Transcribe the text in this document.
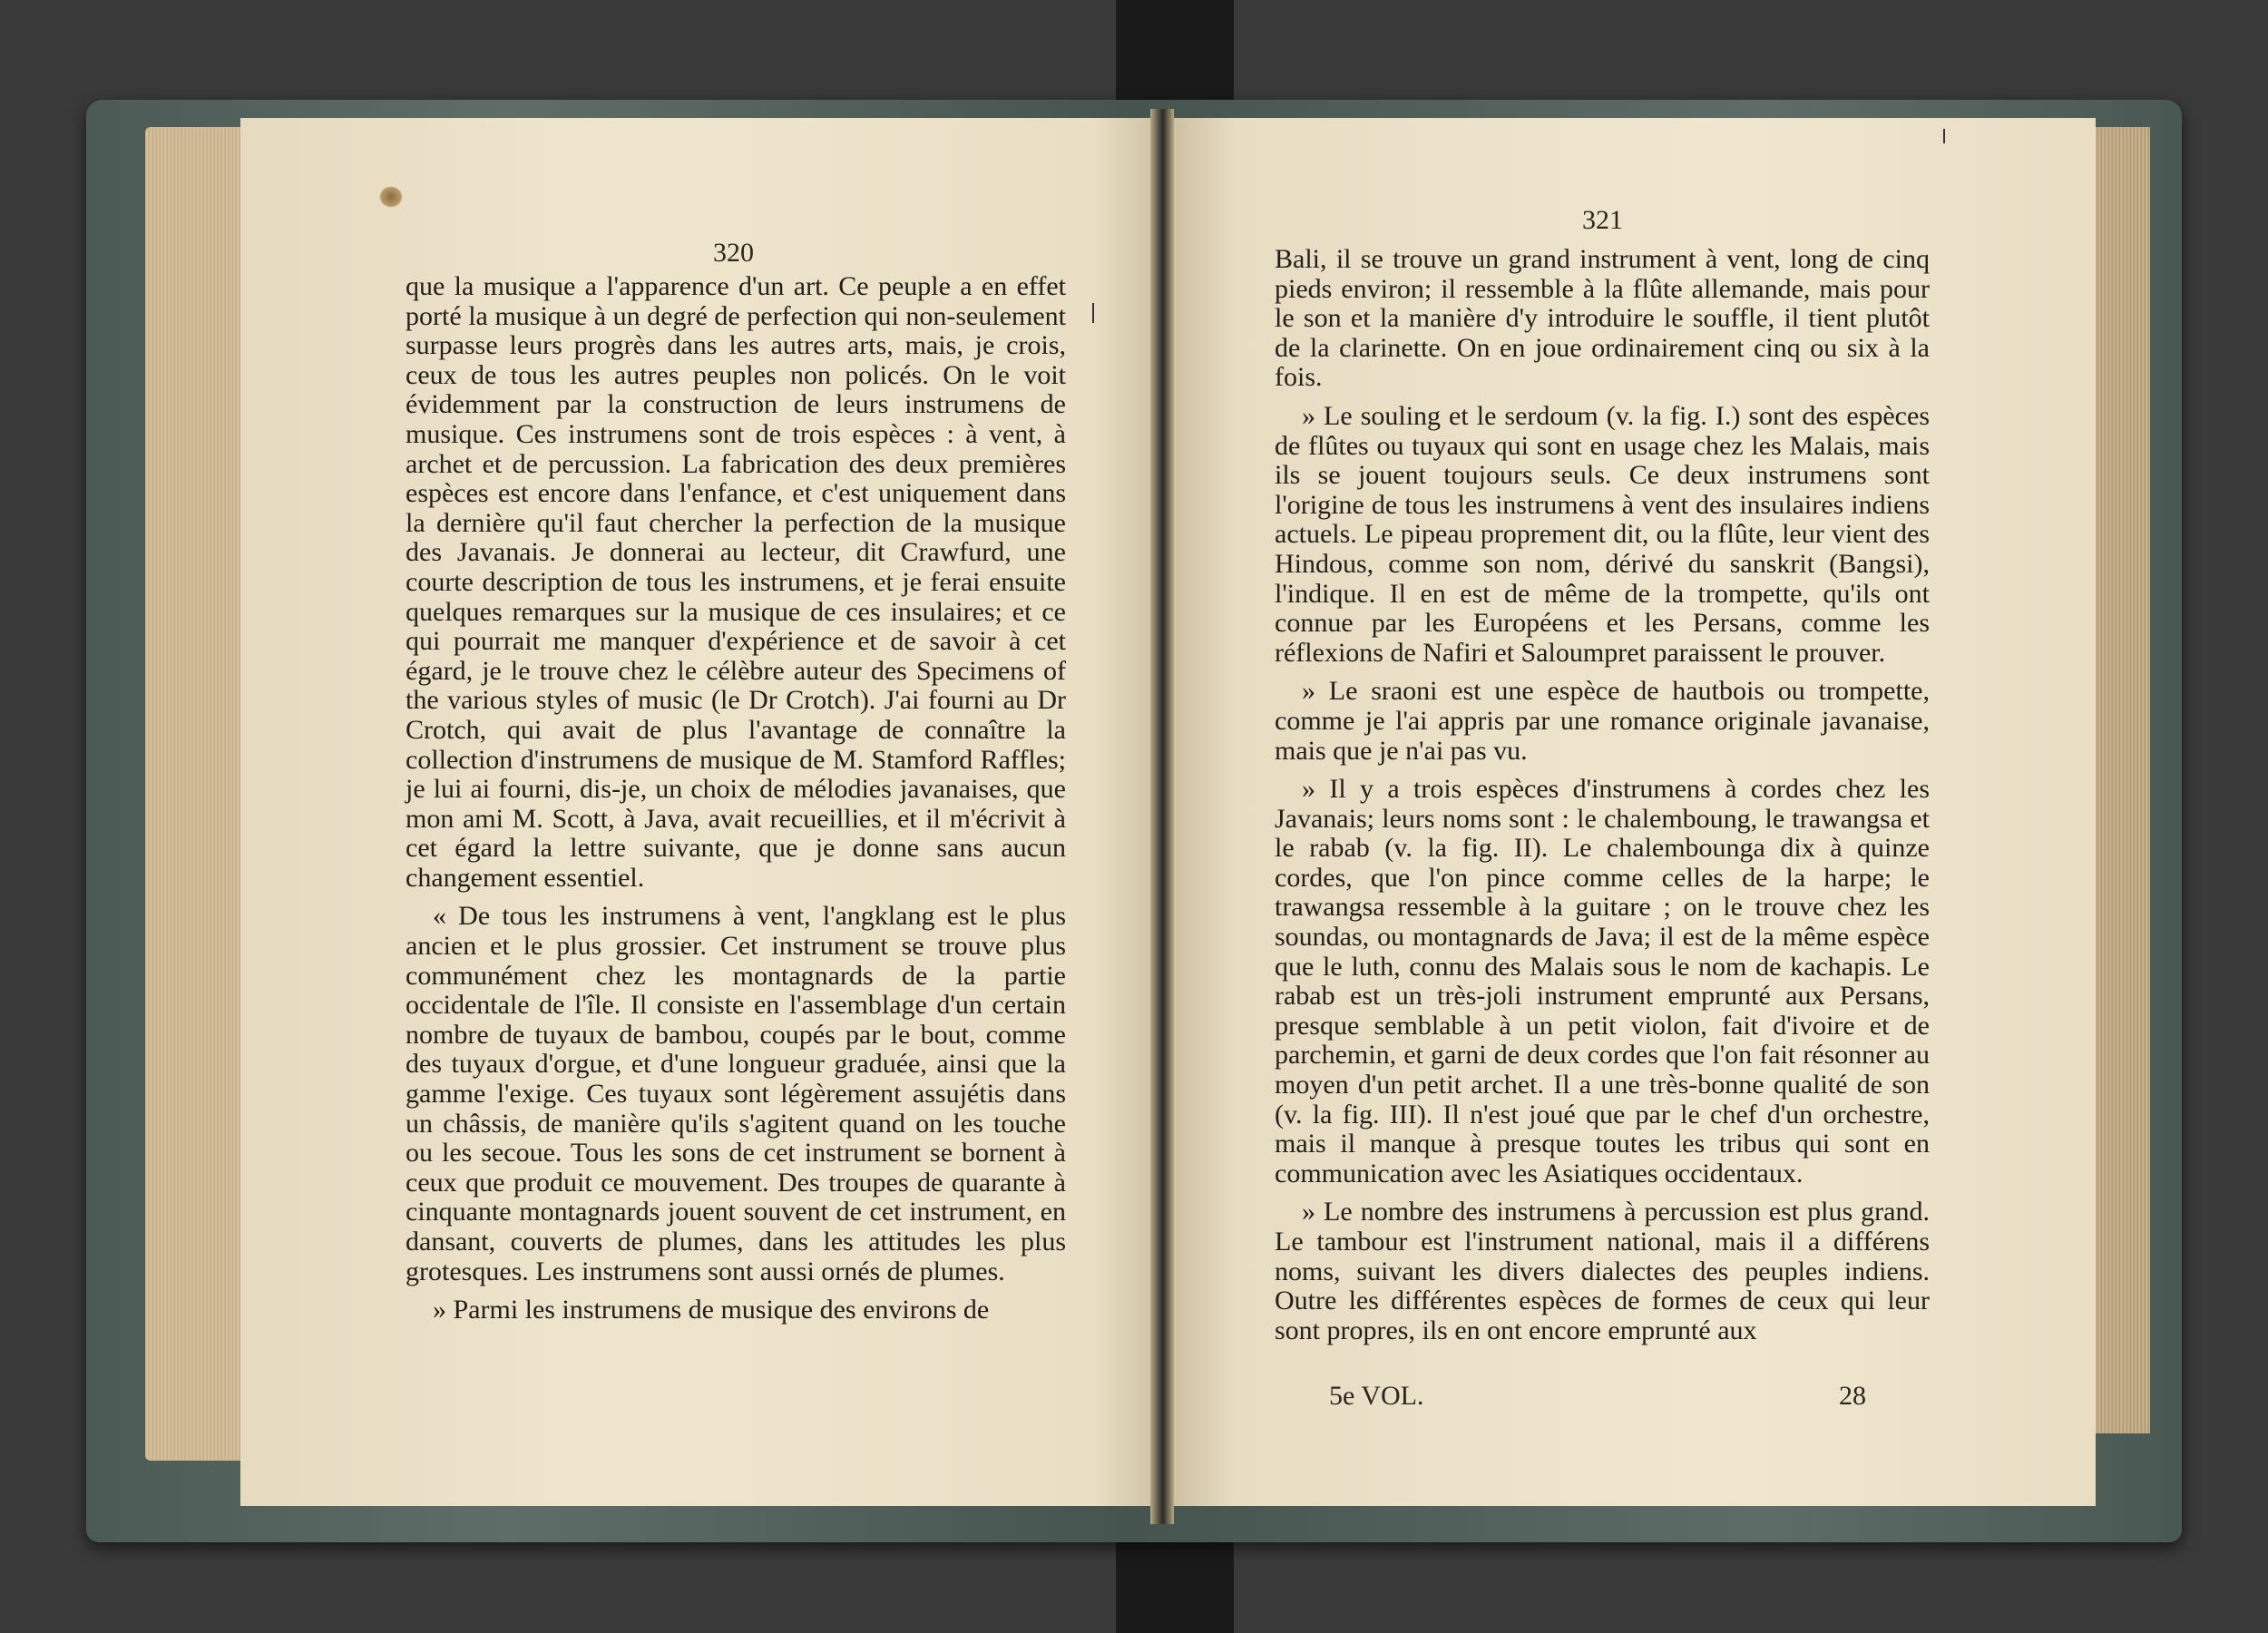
320
321

que la musique a l'apparence d'un art. Ce peuple a en effet porté la musique à un degré de perfection qui non-seulement surpasse leurs progrès dans les autres arts, mais, je crois, ceux de tous les autres peuples non policés. On le voit évidemment par la construction de leurs instrumens de musique. Ces instrumens sont de trois espèces : à vent, à archet et de percussion. La fabrication des deux premières espèces est encore dans l'enfance, et c'est uniquement dans la dernière qu'il faut chercher la perfection de la musique des Javanais. Je donnerai au lecteur, dit Crawfurd, une courte description de tous les instrumens, et je ferai ensuite quelques remarques sur la musique de ces insulaires; et ce qui pourrait me manquer d'expérience et de savoir à cet égard, je le trouve chez le célèbre auteur des Specimens of the various styles of music (le Dr Crotch). J'ai fourni au Dr Crotch, qui avait de plus l'avantage de connaître la collection d'instrumens de musique de M. Stamford Raffles; je lui ai fourni, dis-je, un choix de mélodies javanaises, que mon ami M. Scott, à Java, avait recueillies, et il m'écrivit à cet égard la lettre suivante, que je donne sans aucun changement essentiel.

« De tous les instrumens à vent, l'angklang est le plus ancien et le plus grossier. Cet instrument se trouve plus communément chez les montagnards de la partie occidentale de l'île. Il consiste en l'assemblage d'un certain nombre de tuyaux de bambou, coupés par le bout, comme des tuyaux d'orgue, et d'une longueur graduée, ainsi que la gamme l'exige. Ces tuyaux sont légèrement assujétis dans un châssis, de manière qu'ils s'agitent quand on les touche ou les secoue. Tous les sons de cet instrument se bornent à ceux que produit ce mouvement. Des troupes de quarante à cinquante montagnards jouent souvent de cet instrument, en dansant, couverts de plumes, dans les attitudes les plus grotesques. Les instrumens sont aussi ornés de plumes.

» Parmi les instrumens de musique des environs de

Bali, il se trouve un grand instrument à vent, long de cinq pieds environ; il ressemble à la flûte allemande, mais pour le son et la manière d'y introduire le souffle, il tient plutôt de la clarinette. On en joue ordinairement cinq ou six à la fois.

» Le souling et le serdoum (v. la fig. I.) sont des espèces de flûtes ou tuyaux qui sont en usage chez les Malais, mais ils se jouent toujours seuls. Ce deux instrumens sont l'origine de tous les instrumens à vent des insulaires indiens actuels. Le pipeau proprement dit, ou la flûte, leur vient des Hindous, comme son nom, dérivé du sanskrit (Bangsi), l'indique. Il en est de même de la trompette, qu'ils ont connue par les Européens et les Persans, comme les réflexions de Nafiri et Saloumpret paraissent le prouver.

» Le sraoni est une espèce de hautbois ou trompette, comme je l'ai appris par une romance originale javanaise, mais que je n'ai pas vu.

» Il y a trois espèces d'instrumens à cordes chez les Javanais; leurs noms sont : le chalemboung, le trawangsa et le rabab (v. la fig. II). Le chalembounga dix à quinze cordes, que l'on pince comme celles de la harpe; le trawangsa ressemble à la guitare ; on le trouve chez les soundas, ou montagnards de Java; il est de la même espèce que le luth, connu des Malais sous le nom de kachapis. Le rabab est un très-joli instrument emprunté aux Persans, presque semblable à un petit violon, fait d'ivoire et de parchemin, et garni de deux cordes que l'on fait résonner au moyen d'un petit archet. Il a une très-bonne qualité de son (v. la fig. III). Il n'est joué que par le chef d'un orchestre, mais il manque à presque toutes les tribus qui sont en communication avec les Asiatiques occidentaux.

» Le nombre des instrumens à percussion est plus grand. Le tambour est l'instrument national, mais il a différens noms, suivant les divers dialectes des peuples indiens. Outre les différentes espèces de formes de ceux qui leur sont propres, ils en ont encore emprunté aux

5e VOL.	28
